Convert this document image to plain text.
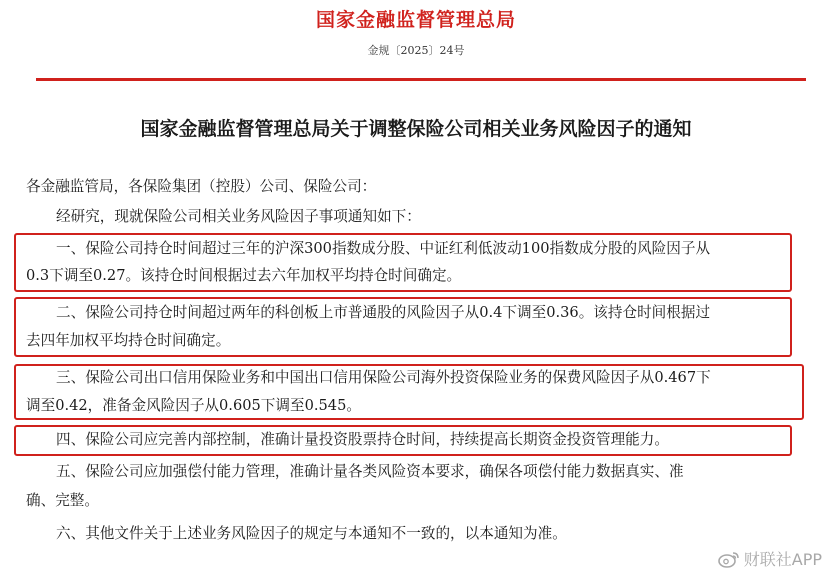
国家金融监督管理总局
金规〔2025〕24号
国家金融监督管理总局关于调整保险公司相关业务风险因子的通知
各金融监管局，各保险集团（控股）公司、保险公司：
经研究，现就保险公司相关业务风险因子事项通知如下：
一、保险公司持仓时间超过三年的沪深300指数成分股、中证红利低波动100指数成分股的风险因子从
0.3下调至0.27。该持仓时间根据过去六年加权平均持仓时间确定。
二、保险公司持仓时间超过两年的科创板上市普通股的风险因子从0.4下调至0.36。该持仓时间根据过
去四年加权平均持仓时间确定。
三、保险公司出口信用保险业务和中国出口信用保险公司海外投资保险业务的保费风险因子从0.467下
调至0.42，准备金风险因子从0.605下调至0.545。
四、保险公司应完善内部控制，准确计量投资股票持仓时间，持续提高长期资金投资管理能力。
五、保险公司应加强偿付能力管理，准确计量各类风险资本要求，确保各项偿付能力数据真实、准
确、完整。
六、其他文件关于上述业务风险因子的规定与本通知不一致的，以本通知为准。
财联社APP
